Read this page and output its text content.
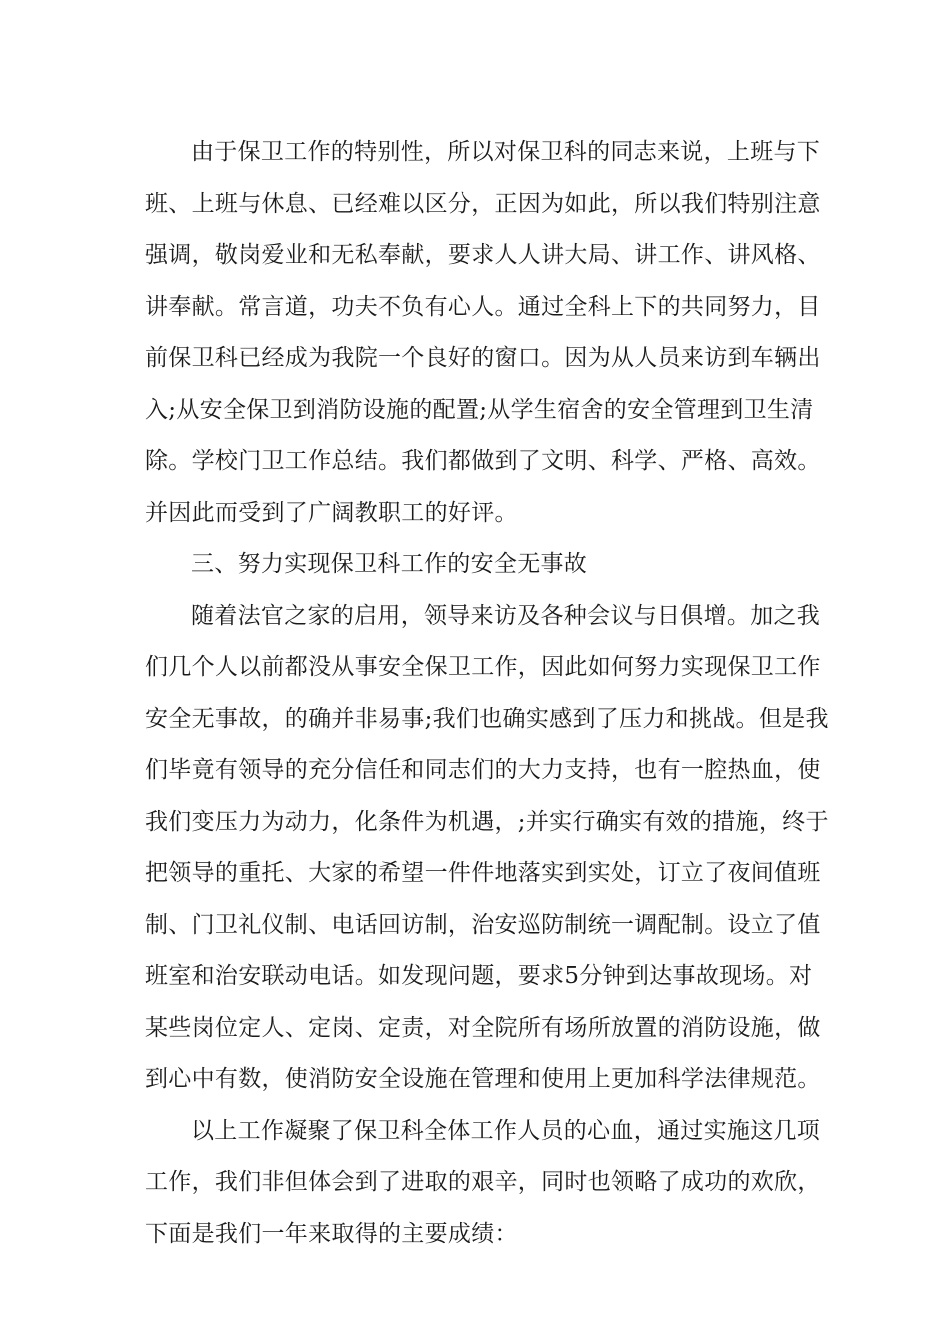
由于保卫工作的特别性，所以对保卫科的同志来说，上班与下
班、上班与休息、已经难以区分，正因为如此，所以我们特别注意
强调，敬岗爱业和无私奉献，要求人人讲大局、讲工作、讲风格、
讲奉献。常言道，功夫不负有心人。通过全科上下的共同努力，目
前保卫科已经成为我院一个良好的窗口。因为从人员来访到车辆出
入;从安全保卫到消防设施的配置;从学生宿舍的安全管理到卫生清
除。学校门卫工作总结。我们都做到了文明、科学、严格、高效。
并因此而受到了广阔教职工的好评。
三、努力实现保卫科工作的安全无事故
随着法官之家的启用，领导来访及各种会议与日俱增。加之我
们几个人以前都没从事安全保卫工作，因此如何努力实现保卫工作
安全无事故，的确并非易事;我们也确实感到了压力和挑战。但是我
们毕竟有领导的充分信任和同志们的大力支持，也有一腔热血，使
我们变压力为动力，化条件为机遇，;并实行确实有效的措施，终于
把领导的重托、大家的希望一件件地落实到实处，订立了夜间值班
制、门卫礼仪制、电话回访制，治安巡防制统一调配制。设立了值
班室和治安联动电话。如发现问题，要求5分钟到达事故现场。对
某些岗位定人、定岗、定责，对全院所有场所放置的消防设施，做
到心中有数，使消防安全设施在管理和使用上更加科学法律规范。
以上工作凝聚了保卫科全体工作人员的心血，通过实施这几项
工作，我们非但体会到了进取的艰辛，同时也领略了成功的欢欣，
下面是我们一年来取得的主要成绩：
